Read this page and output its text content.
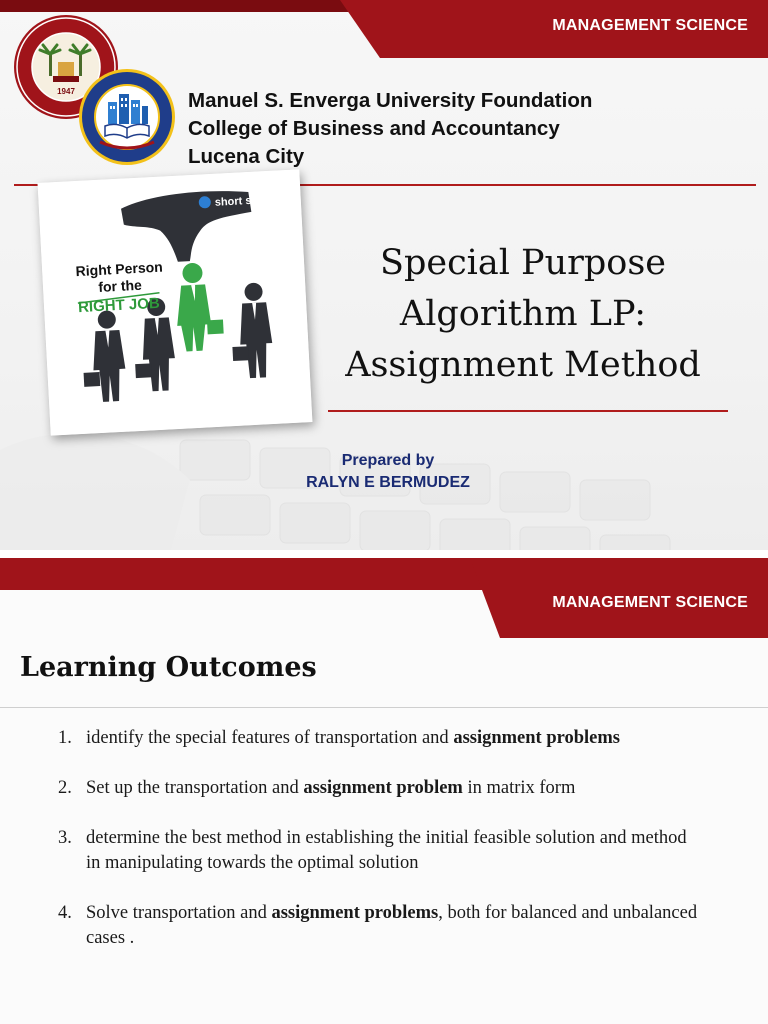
MANAGEMENT SCIENCE
1947	Manuel S. Enverga University Foundation
College of Business and Accountancy
Lucena City
short stin
Right Person
for the
RIGHT JOB
Special Purpose
Algorithm LP:
Assignment Method
Prepared by
RALYN E BERMUDEZ
MANAGEMENT SCIENCE
Learning Outcomes
1. identify the special features of transportation and assignment problems
2. Set up the transportation and assignment problem in matrix form
3. determine the best method in establishing the initial feasible solution and method in manipulating towards the optimal solution
4. Solve transportation and assignment problems, both for balanced and unbalanced cases .
